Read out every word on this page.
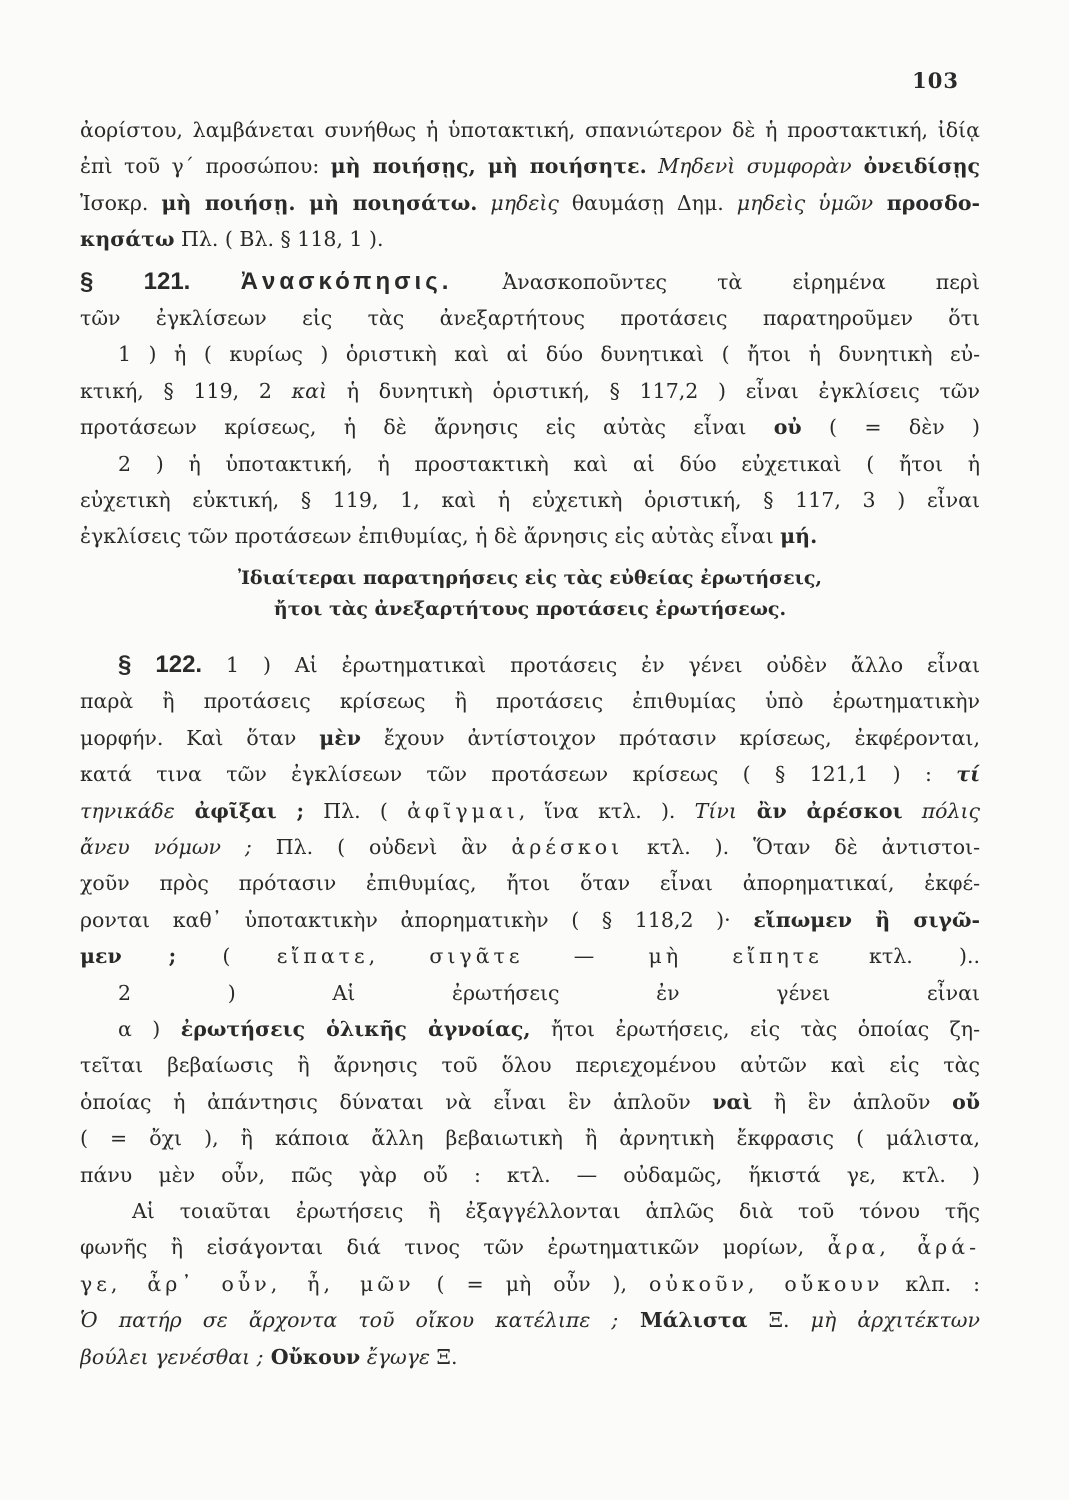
103
ἀορίστου, λαμβάνεται συνήθως ἡ ὑποτακτική, σπανιώτερον δὲ ἡ προστακτική, ἰδίᾳ
ἐπὶ τοῦ γ΄ προσώπου: μὴ ποιήσῃς, μὴ ποιήσητε. Μηδενὶ συμφορὰν ὀνειδίσῃς
Ἰσοκρ. μὴ ποιήσῃ. μὴ ποιησάτω. μηδεὶς θαυμάσῃ Δημ. μηδεὶς ὑμῶν προσδο-
κησάτω Πλ. ( Βλ. § 118, 1 ).
§ 121. Ἀνασκόπησις. Ἀνασκοποῦντες τὰ εἰρημένα περὶ
τῶν ἐγκλίσεων εἰς τὰς ἀνεξαρτήτους προτάσεις παρατηροῦμεν ὅτι
1 ) ἡ ( κυρίως ) ὁριστικὴ καὶ αἱ δύο δυνητικαὶ ( ἤτοι ἡ δυνητικὴ εὐ-
κτική, § 119, 2 καὶ ἡ δυνητικὴ ὁριστική, § 117,2 ) εἶναι ἐγκλίσεις τῶν
προτάσεων κρίσεως, ἡ δὲ ἄρνησις εἰς αὐτὰς εἶναι οὐ ( = δὲν )
2 ) ἡ ὑποτακτική, ἡ προστακτικὴ καὶ αἱ δύο εὐχετικαὶ ( ἤτοι ἡ
εὐχετικὴ εὐκτική, § 119, 1, καὶ ἡ εὐχετικὴ ὁριστική, § 117, 3 ) εἶναι
ἐγκλίσεις τῶν προτάσεων ἐπιθυμίας, ἡ δὲ ἄρνησις εἰς αὐτὰς εἶναι μή.
Ἰδιαίτεραι παρατηρήσεις εἰς τὰς εὐθείας ἐρωτήσεις,
ἤτοι τὰς ἀνεξαρτήτους προτάσεις ἐρωτήσεως.
§ 122. 1 ) Αἱ ἐρωτηματικαὶ προτάσεις ἐν γένει οὐδὲν ἄλλο εἶναι
παρὰ ἢ προτάσεις κρίσεως ἢ προτάσεις ἐπιθυμίας ὑπὸ ἐρωτηματικὴν
μορφήν. Καὶ ὅταν μὲν ἔχουν ἀντίστοιχον πρότασιν κρίσεως, ἐκφέρονται,
κατά τινα τῶν ἐγκλίσεων τῶν προτάσεων κρίσεως ( § 121,1 ) : τί
τηνικάδε ἀφῖξαι ; Πλ. ( ἀφῖγμαι, ἵνα κτλ. ). Τίνι ἂν ἀρέσκοι πόλις
ἄνευ νόμων ; Πλ. ( οὐδενὶ ἂν ἀρέσκοι κτλ. ). Ὅταν δὲ ἀντιστοι-
χοῦν πρὸς πρότασιν ἐπιθυμίας, ἤτοι ὅταν εἶναι ἀπορηματικαί, ἐκφέ-
ρονται καθ᾽ ὑποτακτικὴν ἀπορηματικὴν ( § 118,2 )· εἴπωμεν ἢ σιγῶ-
μεν ; ( εἴπατε, σιγᾶτε — μὴ εἴπητε κτλ. )..
2 ) Αἱ ἐρωτήσεις ἐν γένει εἶναι
α ) ἐρωτήσεις ὁλικῆς ἀγνοίας, ἤτοι ἐρωτήσεις, εἰς τὰς ὁποίας ζη-
τεῖται βεβαίωσις ἢ ἄρνησις τοῦ ὅλου περιεχομένου αὐτῶν καὶ εἰς τὰς
ὁποίας ἡ ἀπάντησις δύναται νὰ εἶναι ἓν ἁπλοῦν ναὶ ἢ ἓν ἁπλοῦν οὔ
( = ὄχι ), ἢ κάποια ἄλλη βεβαιωτικὴ ἢ ἀρνητικὴ ἔκφρασις ( μάλιστα,
πάνυ μὲν οὖν, πῶς γὰρ οὔ : κτλ. — οὐδαμῶς, ἥκιστά γε, κτλ. )
Αἱ τοιαῦται ἐρωτήσεις ἢ ἐξαγγέλλονται ἁπλῶς διὰ τοῦ τόνου τῆς
φωνῆς ἢ εἰσάγονται διά τινος τῶν ἐρωτηματικῶν μορίων, ἆρα, ἆρά-
γε, ἆρ᾽ οὖν, ἦ, μῶν ( = μὴ οὖν ), οὐκοῦν, οὔκουν κλπ. :
Ὁ πατήρ σε ἄρχοντα τοῦ οἴκου κατέλιπε ; Μάλιστα Ξ. μὴ ἀρχιτέκτων
βούλει γενέσθαι ; Οὔκουν ἔγωγε Ξ.
